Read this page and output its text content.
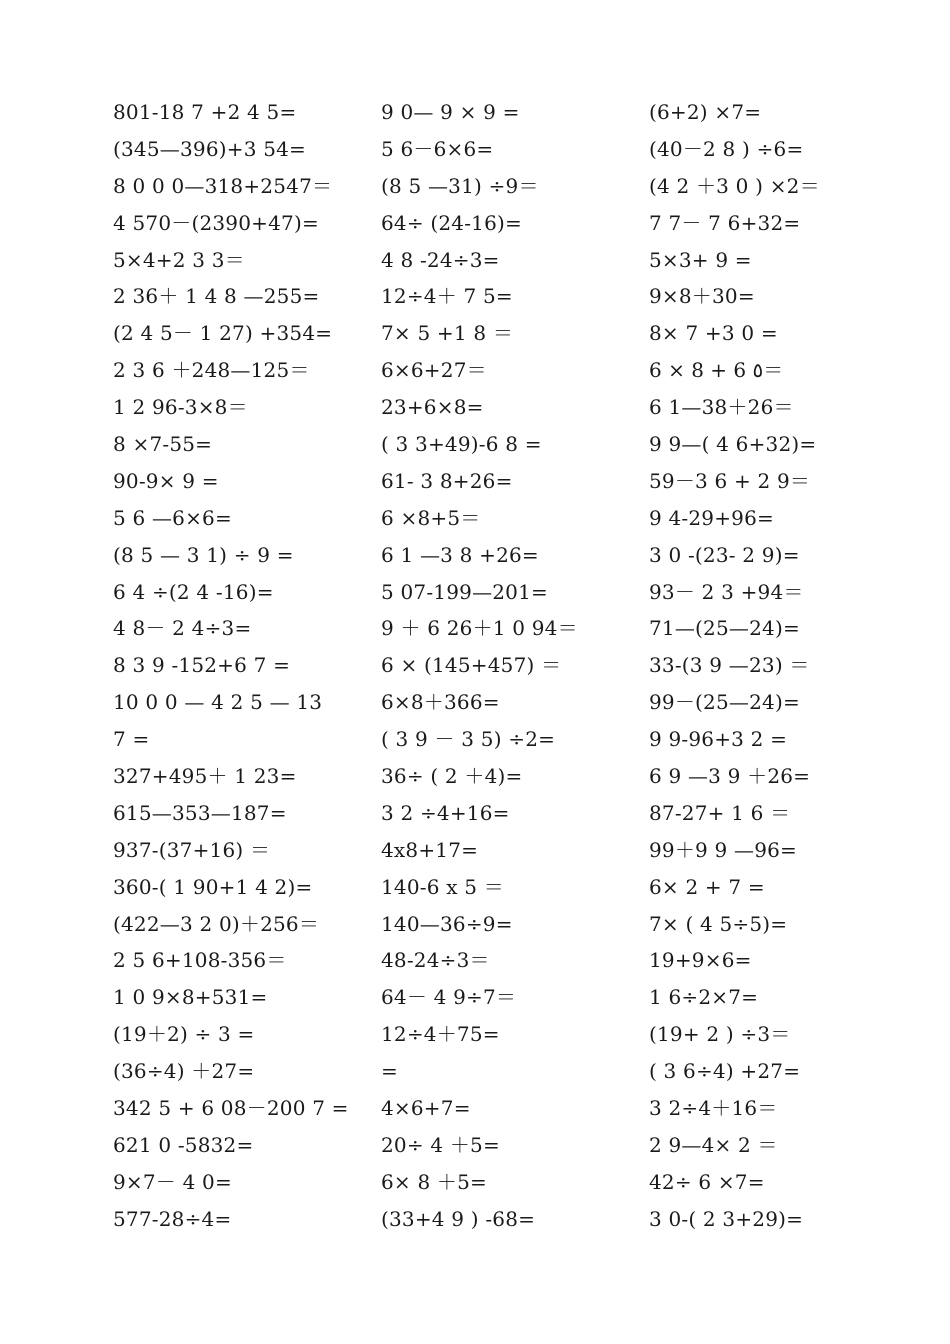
801-18 7 +2 4 5=
(345—396)+3 54=
8 0 0 0—318+2547＝
4 570－(2390+47)=
5×4+2 3 3＝
2 36＋ 1 4 8 —255=
(2 4 5－ 1 27) +354=
2 3 6 ＋248—125＝
1 2 96-3×8＝
8 ×7-55=
90-9× 9 =
5 6 —6×6=
(8 5 — 3 1) ÷ 9 =
6 4 ÷(2 4 -16)=
4 8－ 2 4÷3=
8 3 9 -152+6 7 =
10 0 0 — 4 2 5 — 13
7 =
327+495＋ 1 23=
615—353—187=
937-(37+16) ＝
360-( 1 90+1 4 2)=
(422—3 2 0)＋256＝
2 5 6+108-356＝
1 0 9×8+531=
(19＋2) ÷ 3 =
(36÷4) ＋27=
342 5 + 6 08－200 7 =
621 0 -5832=
9×7－ 4 0=
577-28÷4=
9 0— 9 × 9 =
5 6－6×6=
(8 5 —31) ÷9＝
64÷ (24-16)=
4 8 -24÷3=
12÷4＋ 7 5=
7× 5 +1 8 ＝
6×6+27＝
23+6×8=
( 3 3+49)-6 8 =
61- 3 8+26=
6 ×8+5＝
6 1 —3 8 +26=
5 07-199—201=
9 ＋ 6 26＋1 0 94＝
6 × (145+457) ＝
6×8＋366=
( 3 9 － 3 5) ÷2=
36÷ ( 2 ＋4)=
3 2 ÷4+16=
4x8+17=
140-6 x 5 ＝
140—36÷9=
48-24÷3＝
64－ 4 9÷7＝
12÷4＋75=
=
4×6+7=
20÷ 4 ＋5=
6× 8 ＋5=
(33+4 9 ) -68=
(6+2) ×7=
(40－2 8 ) ÷6=
(4 2 ＋3 0 ) ×2＝
7 7－ 7 6+32=
5×3+ 9 =
9×8＋30=
8× 7 +3 0 =
6 × 8 + 6 ٥＝
6 1—38＋26＝
9 9—( 4 6+32)=
59－3 6 + 2 9＝
9 4-29+96=
3 0 -(23- 2 9)=
93－ 2 3 +94＝
71—(25—24)=
33-(3 9 —23) ＝
99－(25—24)=
9 9-96+3 2 =
6 9 —3 9 ＋26=
87-27+ 1 6 ＝
99＋9 9 —96=
6× 2 + 7 =
7× ( 4 5÷5)=
19+9×6=
1 6÷2×7=
(19+ 2 ) ÷3＝
( 3 6÷4) +27=
3 2÷4＋16＝
2 9—4× 2 ＝
42÷ 6 ×7=
3 0-( 2 3+29)=
